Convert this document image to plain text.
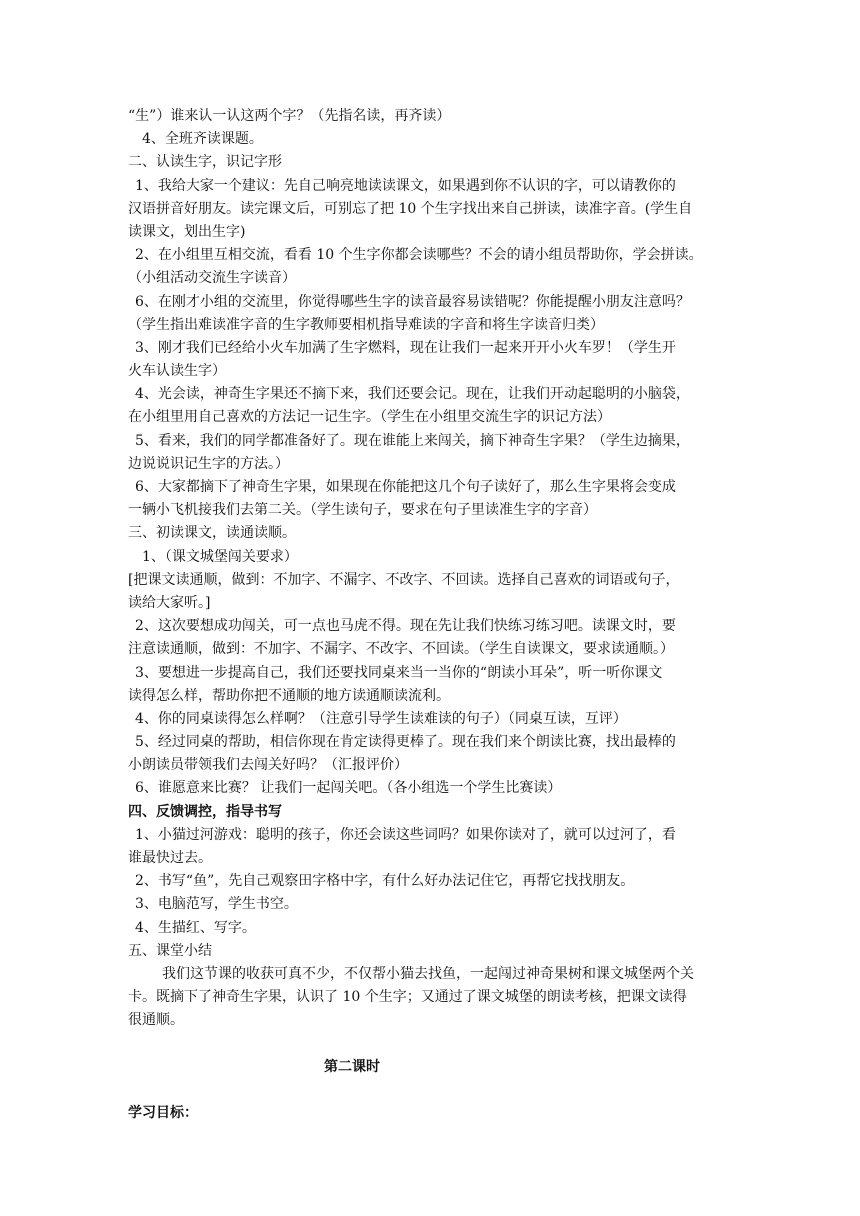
“生”）谁来认一认这两个字？（先指名读，再齐读）
4、全班齐读课题。
二、认读生字，识记字形
1、我给大家一个建议：先自己响亮地读读课文，如果遇到你不认识的字，可以请教你的
汉语拼音好朋友。读完课文后，可别忘了把 10 个生字找出来自己拼读，读准字音。(学生自
读课文，划出生字)
2、在小组里互相交流，看看 10 个生字你都会读哪些？不会的请小组员帮助你，学会拼读。
（小组活动交流生字读音）
6、在刚才小组的交流里，你觉得哪些生字的读音最容易读错呢？你能提醒小朋友注意吗？
（学生指出难读准字音的生字教师要相机指导难读的字音和将生字读音归类）
3、刚才我们已经给小火车加满了生字燃料，现在让我们一起来开开小火车罗！（学生开
火车认读生字）
4、光会读，神奇生字果还不摘下来，我们还要会记。现在，让我们开动起聪明的小脑袋，
在小组里用自己喜欢的方法记一记生字。（学生在小组里交流生字的识记方法）
5、看来，我们的同学都准备好了。现在谁能上来闯关，摘下神奇生字果？（学生边摘果，
边说说识记生字的方法。）
6、大家都摘下了神奇生字果，如果现在你能把这几个句子读好了，那么生字果将会变成
一辆小飞机接我们去第二关。（学生读句子，要求在句子里读准生字的字音）
三、初读课文，读通读顺。
1、（课文城堡闯关要求）
[把课文读通顺，做到：不加字、不漏字、不改字、不回读。选择自己喜欢的词语或句子，
读给大家听。]
2、这次要想成功闯关，可一点也马虎不得。现在先让我们快练习练习吧。读课文时，要
注意读通顺，做到：不加字、不漏字、不改字、不回读。（学生自读课文，要求读通顺。）
3、要想进一步提高自己，我们还要找同桌来当一当你的“朗读小耳朵”，听一听你课文
读得怎么样，帮助你把不通顺的地方读通顺读流利。
4、你的同桌读得怎么样啊？（注意引导学生读难读的句子）（同桌互读，互评）
5、经过同桌的帮助，相信你现在肯定读得更棒了。现在我们来个朗读比赛，找出最棒的
小朗读员带领我们去闯关好吗？（汇报评价）
6、谁愿意来比赛？ 让我们一起闯关吧。（各小组选一个学生比赛读）
四、反馈调控，指导书写
1、小猫过河游戏：聪明的孩子，你还会读这些词吗？如果你读对了，就可以过河了，看
谁最快过去。
2、书写“鱼”，先自己观察田字格中字，有什么好办法记住它，再帮它找找朋友。
3、电脑范写，学生书空。
4、生描红、写字。
五、课堂小结
我们这节课的收获可真不少，不仅帮小猫去找鱼，一起闯过神奇果树和课文城堡两个关
卡。既摘下了神奇生字果，认识了 10 个生字；又通过了课文城堡的朗读考核，把课文读得
很通顺。
第二课时
学习目标：
